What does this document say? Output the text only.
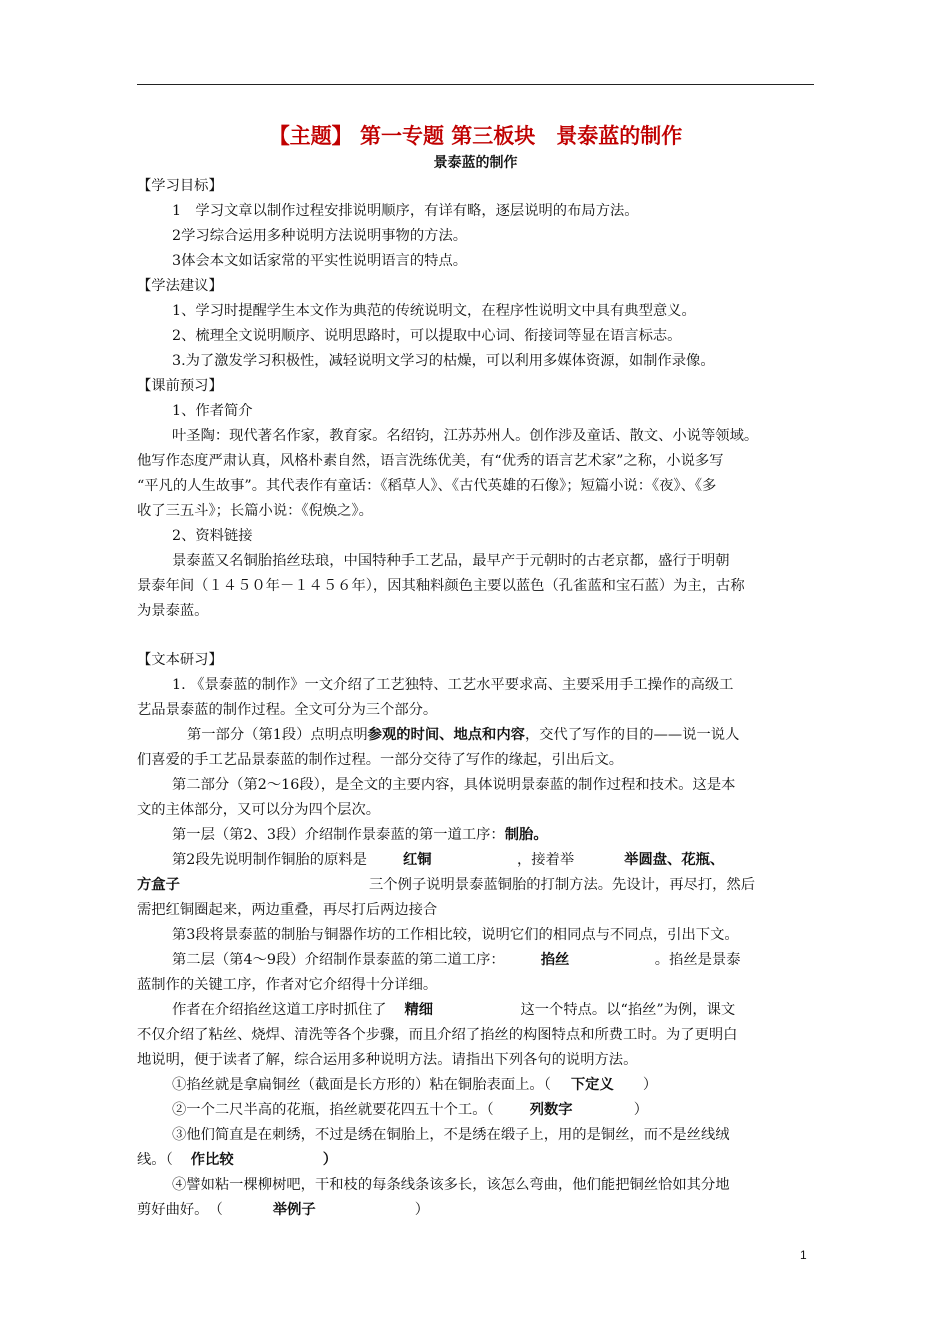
【主题】 第一专题 第三板块　景泰蓝的制作
景泰蓝的制作
【学习目标】
1　学习文章以制作过程安排说明顺序，有详有略，逐层说明的布局方法。
2学习综合运用多种说明方法说明事物的方法。
3体会本文如话家常的平实性说明语言的特点。
【学法建议】
1、学习时提醒学生本文作为典范的传统说明文，在程序性说明文中具有典型意义。
2、梳理全文说明顺序、说明思路时，可以提取中心词、衔接词等显在语言标志。
3.为了激发学习积极性，减轻说明文学习的枯燥，可以利用多媒体资源，如制作录像。
【课前预习】
1、作者简介
叶圣陶：现代著名作家，教育家。名绍钧，江苏苏州人。创作涉及童话、散文、小说等领域。
他写作态度严肃认真，风格朴素自然，语言洗练优美，有“优秀的语言艺术家”之称，小说多写
“平凡的人生故事”。其代表作有童话：《稻草人》、《古代英雄的石像》；短篇小说：《夜》、《多
收了三五斗》；长篇小说：《倪焕之》。
2、资料链接
景泰蓝又名铜胎掐丝珐琅，中国特种手工艺品，最早产于元朝时的古老京都，盛行于明朝
景泰年间（１４５０年－１４５６年），因其釉料颜色主要以蓝色（孔雀蓝和宝石蓝）为主，古称
为景泰蓝。
【文本研习】
1. 《景泰蓝的制作》一文介绍了工艺独特、工艺水平要求高、主要采用手工操作的高级工
艺品景泰蓝的制作过程。全文可分为三个部分。
第一部分（第1段）点明点明参观的时间、地点和内容，交代了写作的目的——说一说人
们喜爱的手工艺品景泰蓝的制作过程。一部分交待了写作的缘起，引出后文。
第二部分（第2～16段），是全文的主要内容，具体说明景泰蓝的制作过程和技术。这是本
文的主体部分，又可以分为四个层次。
第一层（第2、3段）介绍制作景泰蓝的第一道工序：制胎。
第2段先说明制作铜胎的原料是	红铜	，接着举	举圆盘、花瓶、
方盒子	三个例子说明景泰蓝铜胎的打制方法。先设计，再尽打，然后
需把红铜圈起来，两边重叠，再尽打后两边接合
第3段将景泰蓝的制胎与铜器作坊的工作相比较，说明它们的相同点与不同点，引出下文。
第二层（第4～9段）介绍制作景泰蓝的第二道工序：	掐丝	。掐丝是景泰
蓝制作的关键工序，作者对它介绍得十分详细。
作者在介绍掐丝这道工序时抓住了 精细	这一个特点。以“掐丝”为例，课文
不仅介绍了粘丝、烧焊、清洗等各个步骤，而且介绍了掐丝的构图特点和所费工时。为了更明白
地说明，便于读者了解，综合运用多种说明方法。请指出下列各句的说明方法。
①掐丝就是拿扁铜丝（截面是长方形的）粘在铜胎表面上。（ 下定义 ）
②一个二尺半高的花瓶，掐丝就要花四五十个工。（	列数字	）
③他们简直是在刺绣，不过是绣在铜胎上，不是绣在缎子上，用的是铜丝，而不是丝线绒
线。（ 作比较	）
④譬如粘一棵柳树吧，干和枝的每条线条该多长，该怎么弯曲，他们能把铜丝恰如其分地
剪好曲好。　（	举例子	）
1
